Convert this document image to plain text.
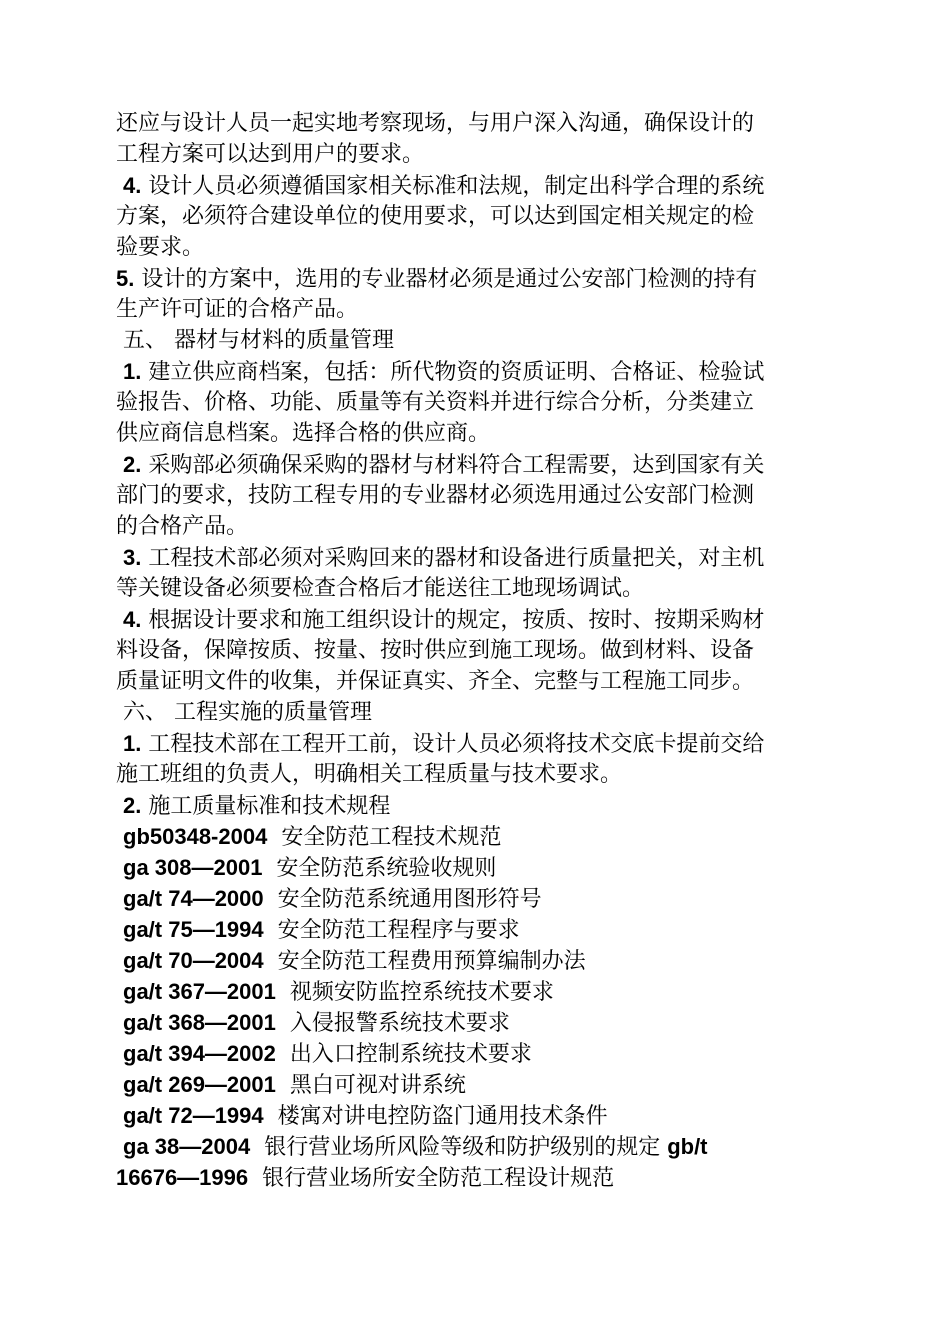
还应与设计人员一起实地考察现场，与用户深入沟通，确保设计的
工程方案可以达到用户的要求。
4. 设计人员必须遵循国家相关标准和法规，制定出科学合理的系统
方案，必须符合建设单位的使用要求，可以达到国定相关规定的检
验要求。
5. 设计的方案中，选用的专业器材必须是通过公安部门检测的持有
生产许可证的合格产品。
五、 器材与材料的质量管理
1. 建立供应商档案，包括：所代物资的资质证明、合格证、检验试
验报告、价格、功能、质量等有关资料并进行综合分析，分类建立
供应商信息档案。选择合格的供应商。
2. 采购部必须确保采购的器材与材料符合工程需要，达到国家有关
部门的要求，技防工程专用的专业器材必须选用通过公安部门检测
的合格产品。
3. 工程技术部必须对采购回来的器材和设备进行质量把关，对主机
等关键设备必须要检查合格后才能送往工地现场调试。
4. 根据设计要求和施工组织设计的规定，按质、按时、按期采购材
料设备，保障按质、按量、按时供应到施工现场。做到材料、设备
质量证明文件的收集，并保证真实、齐全、完整与工程施工同步。
六、 工程实施的质量管理
1. 工程技术部在工程开工前，设计人员必须将技术交底卡提前交给
施工班组的负责人，明确相关工程质量与技术要求。
2. 施工质量标准和技术规程
gb50348-2004  安全防范工程技术规范
ga 308—2001  安全防范系统验收规则
ga/t 74—2000  安全防范系统通用图形符号
ga/t 75—1994  安全防范工程程序与要求
ga/t 70—2004  安全防范工程费用预算编制办法
ga/t 367—2001  视频安防监控系统技术要求
ga/t 368—2001  入侵报警系统技术要求
ga/t 394—2002  出入口控制系统技术要求
ga/t 269—2001  黑白可视对讲系统
ga/t 72—1994  楼寓对讲电控防盗门通用技术条件
ga 38—2004  银行营业场所风险等级和防护级别的规定 gb/t
16676—1996  银行营业场所安全防范工程设计规范
